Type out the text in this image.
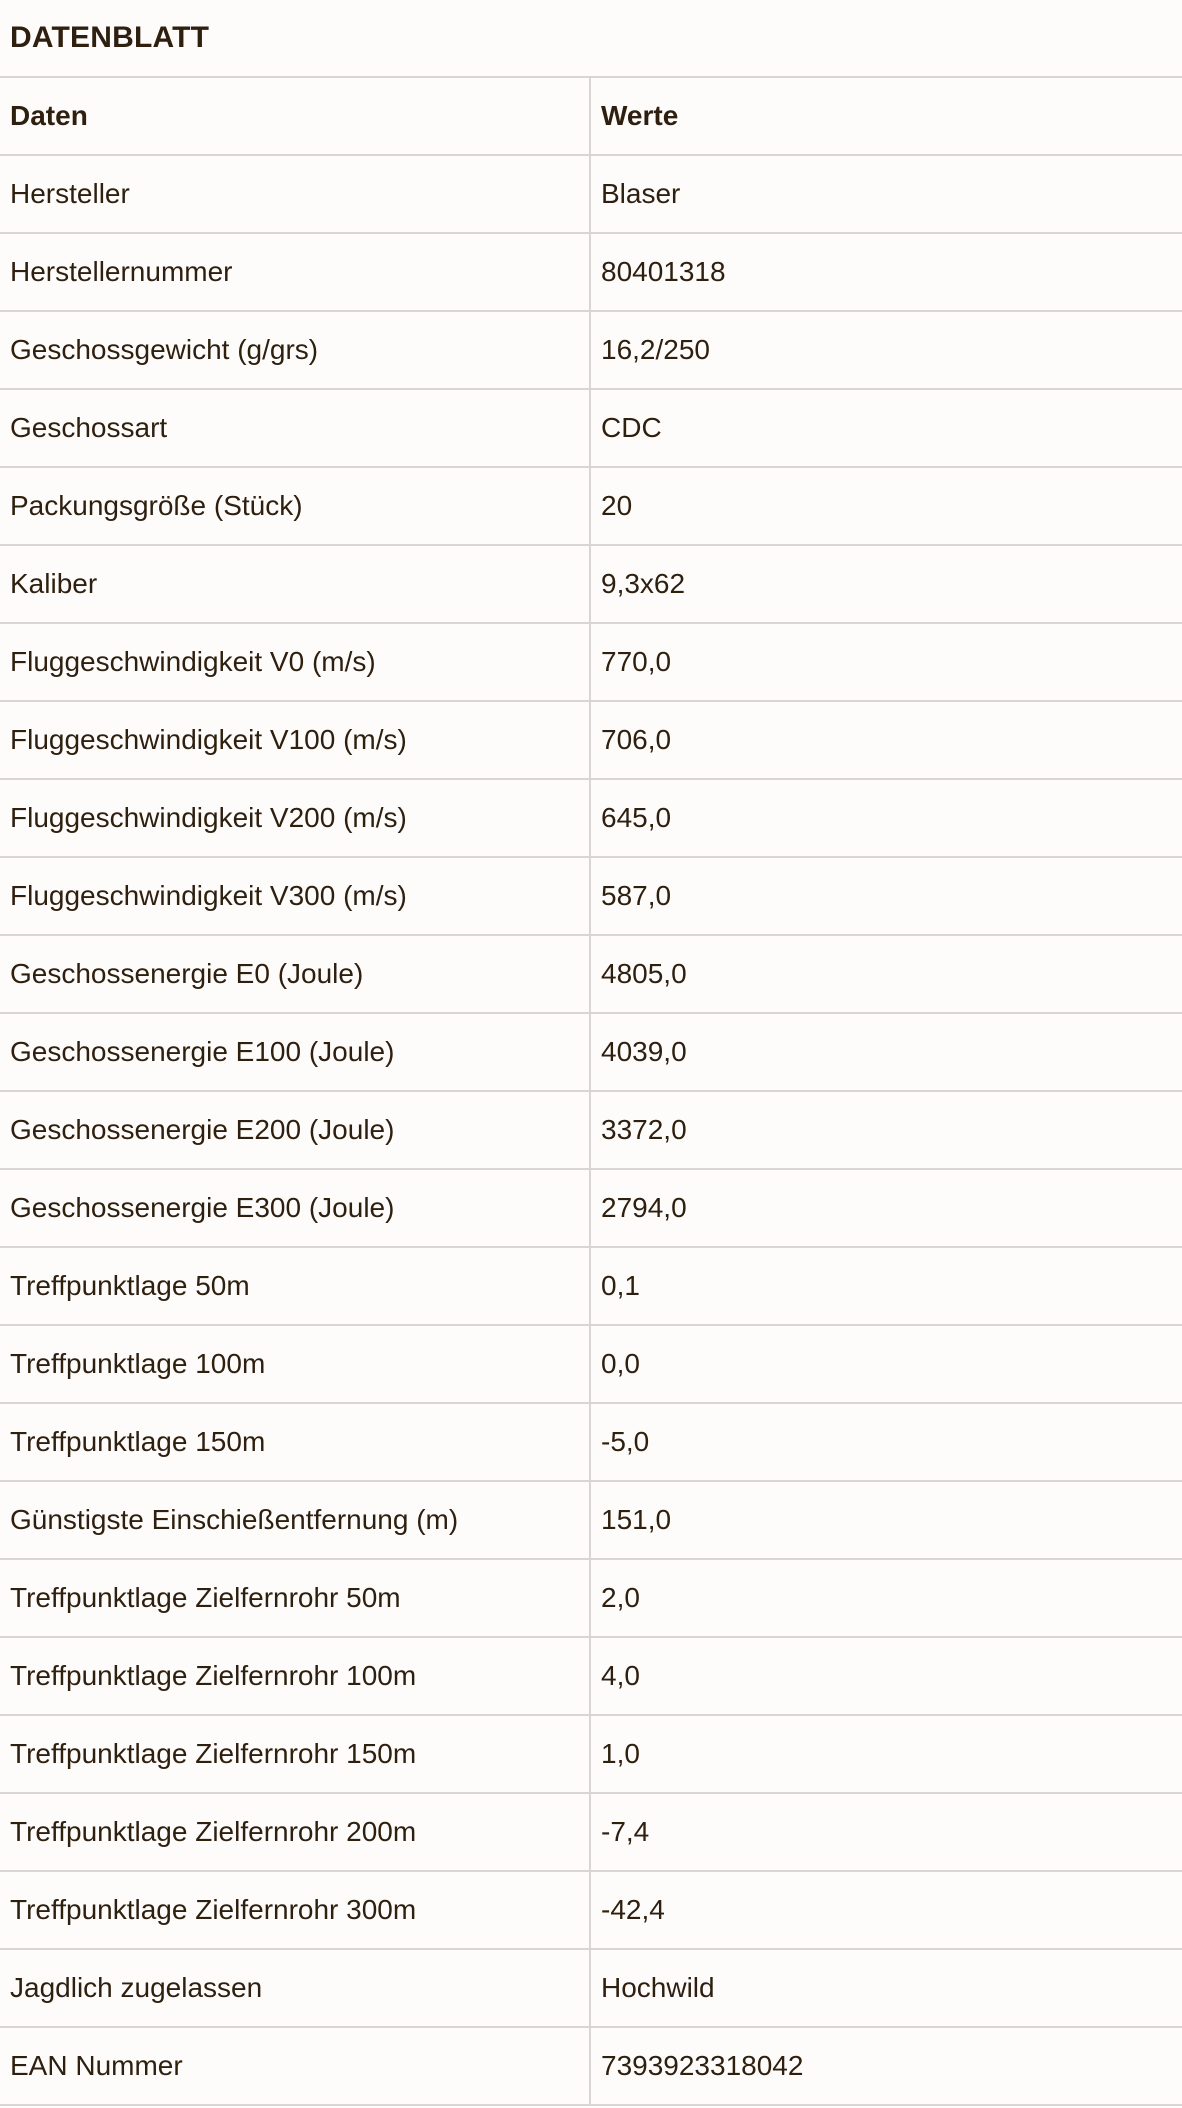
DATENBLATT
Daten	Werte
Hersteller	Blaser
Herstellernummer	80401318
Geschossgewicht (g/grs)	16,2/250
Geschossart	CDC
Packungsgröße (Stück)	20
Kaliber	9,3x62
Fluggeschwindigkeit V0 (m/s)	770,0
Fluggeschwindigkeit V100 (m/s)	706,0
Fluggeschwindigkeit V200 (m/s)	645,0
Fluggeschwindigkeit V300 (m/s)	587,0
Geschossenergie E0 (Joule)	4805,0
Geschossenergie E100 (Joule)	4039,0
Geschossenergie E200 (Joule)	3372,0
Geschossenergie E300 (Joule)	2794,0
Treffpunktlage 50m	0,1
Treffpunktlage 100m	0,0
Treffpunktlage 150m	-5,0
Günstigste Einschießentfernung (m)	151,0
Treffpunktlage Zielfernrohr 50m	2,0
Treffpunktlage Zielfernrohr 100m	4,0
Treffpunktlage Zielfernrohr 150m	1,0
Treffpunktlage Zielfernrohr 200m	-7,4
Treffpunktlage Zielfernrohr 300m	-42,4
Jagdlich zugelassen	Hochwild
EAN Nummer	7393923318042
